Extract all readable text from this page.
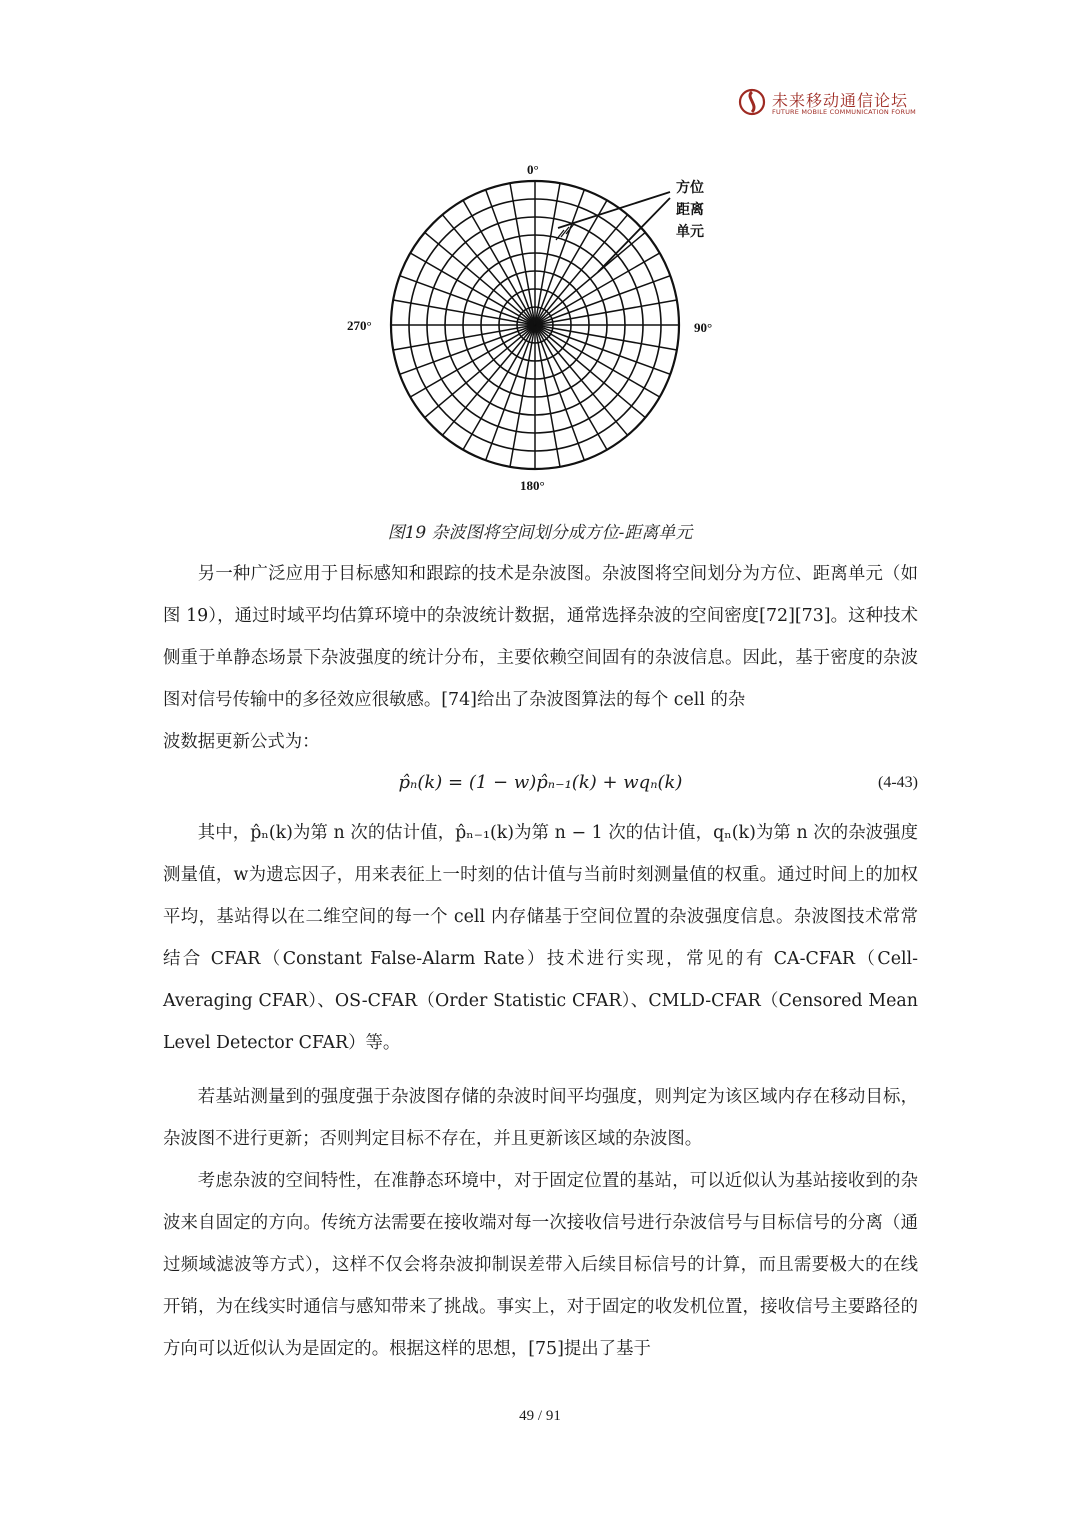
未来移动通信论坛
FUTURE MOBILE COMMUNICATION FORUM
0°
90°
180°
270°
方位距离单元
图19 杂波图将空间划分成方位-距离单元

另一种广泛应用于目标感知和跟踪的技术是杂波图。杂波图将空间划分为方位、距离单元（如图 19），通过时域平均估算环境中的杂波统计数据，通常选择杂波的空间密度[72][73]。这种技术侧重于单静态场景下杂波强度的统计分布，主要依赖空间固有的杂波信息。因此，基于密度的杂波图对信号传输中的多径效应很敏感。[74]给出了杂波图算法的每个 cell 的杂

波数据更新公式为：

p̂ₙ(k) = (1 − w)p̂ₙ₋₁(k) + wqₙ(k)	(4-43)

其中，p̂ₙ(k)为第 n 次的估计值，p̂ₙ₋₁(k)为第 n − 1 次的估计值，qₙ(k)为第 n 次的杂波强度测量值，w为遗忘因子，用来表征上一时刻的估计值与当前时刻测量值的权重。通过时间上的加权平均，基站得以在二维空间的每一个 cell 内存储基于空间位置的杂波强度信息。杂波图技术常常结合 CFAR（Constant False-Alarm Rate）技术进行实现，常见的有 CA-CFAR（Cell-Averaging CFAR）、OS-CFAR（Order Statistic CFAR）、CMLD-CFAR（Censored Mean Level Detector CFAR）等。

若基站测量到的强度强于杂波图存储的杂波时间平均强度，则判定为该区域内存在移动目标，杂波图不进行更新；否则判定目标不存在，并且更新该区域的杂波图。

考虑杂波的空间特性，在准静态环境中，对于固定位置的基站，可以近似认为基站接收到的杂波来自固定的方向。传统方法需要在接收端对每一次接收信号进行杂波信号与目标信号的分离（通过频域滤波等方式），这样不仅会将杂波抑制误差带入后续目标信号的计算，而且需要极大的在线开销，为在线实时通信与感知带来了挑战。事实上，对于固定的收发机位置，接收信号主要路径的方向可以近似认为是固定的。根据这样的思想，[75]提出了基于

49 / 91
